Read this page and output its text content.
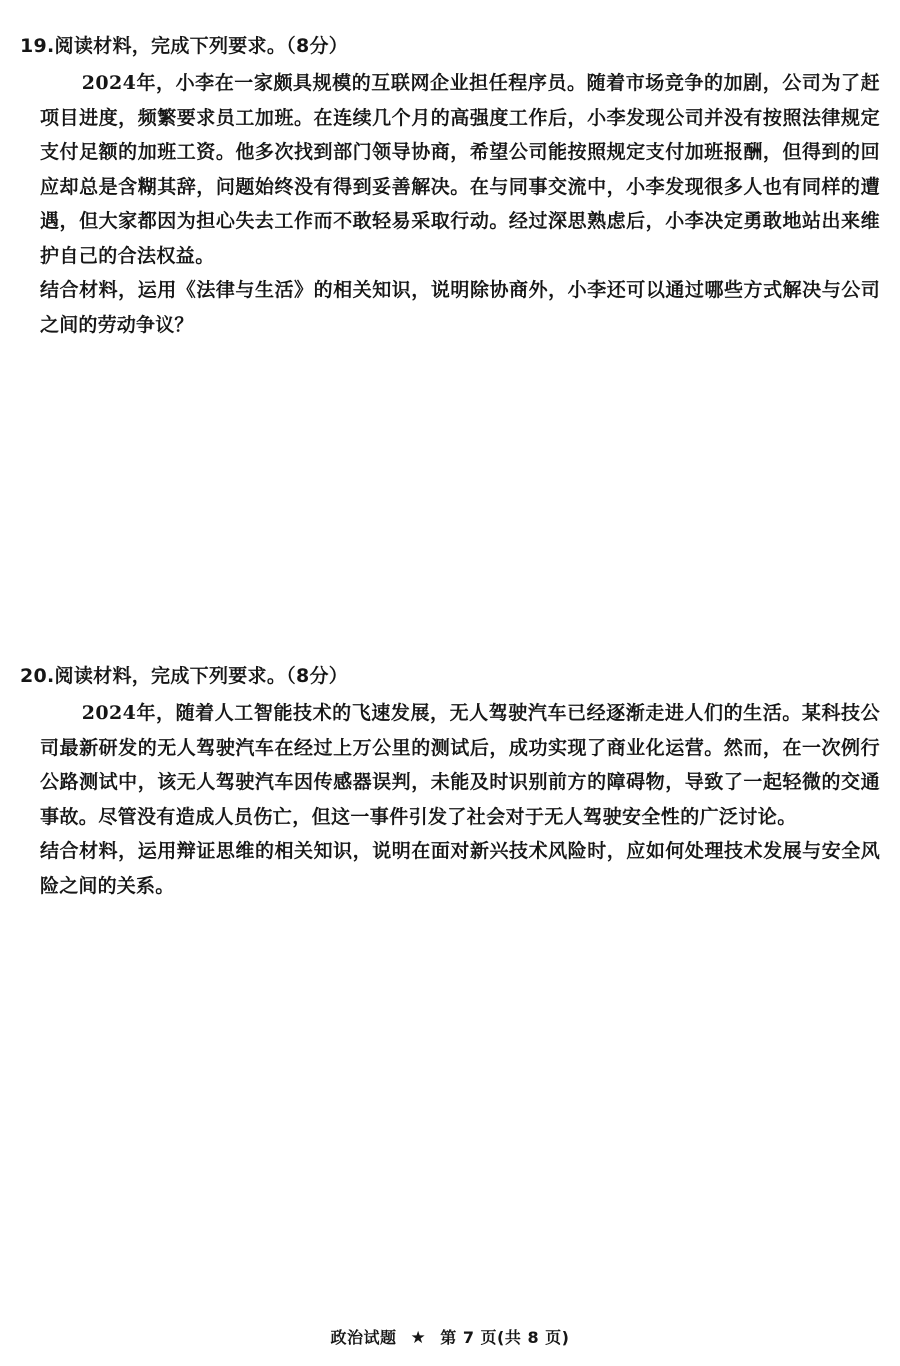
19.阅读材料，完成下列要求。（8分）
2024年，小李在一家颇具规模的互联网企业担任程序员。随着市场竞争的加剧，公司为了赶项目进度，频繁要求员工加班。在连续几个月的高强度工作后，小李发现公司并没有按照法律规定支付足额的加班工资。他多次找到部门领导协商，希望公司能按照规定支付加班报酬，但得到的回应却总是含糊其辞，问题始终没有得到妥善解决。在与同事交流中，小李发现很多人也有同样的遭遇，但大家都因为担心失去工作而不敢轻易采取行动。经过深思熟虑后，小李决定勇敢地站出来维护自己的合法权益。
结合材料，运用《法律与生活》的相关知识，说明除协商外，小李还可以通过哪些方式解决与公司之间的劳动争议？
20.阅读材料，完成下列要求。（8分）
2024年，随着人工智能技术的飞速发展，无人驾驶汽车已经逐渐走进人们的生活。某科技公司最新研发的无人驾驶汽车在经过上万公里的测试后，成功实现了商业化运营。然而，在一次例行公路测试中，该无人驾驶汽车因传感器误判，未能及时识别前方的障碍物，导致了一起轻微的交通事故。尽管没有造成人员伤亡，但这一事件引发了社会对于无人驾驶安全性的广泛讨论。
结合材料，运用辩证思维的相关知识，说明在面对新兴技术风险时，应如何处理技术发展与安全风险之间的关系。
政治试题 ★ 第 7 页(共 8 页)
